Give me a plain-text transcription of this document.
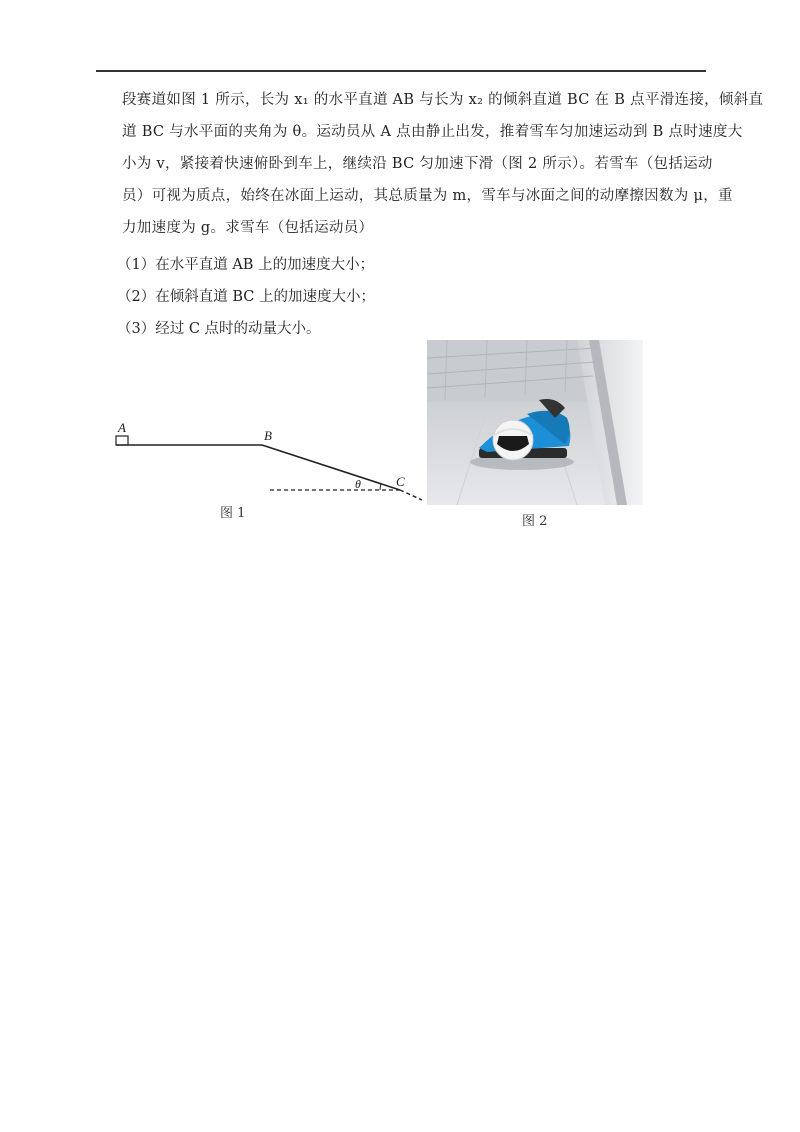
段赛道如图 1 所示，长为 x₁ 的水平直道 AB 与长为 x₂ 的倾斜直道 BC 在 B 点平滑连接，倾斜直
道 BC 与水平面的夹角为 θ。运动员从 A 点由静止出发，推着雪车匀加速运动到 B 点时速度大
小为 v，紧接着快速俯卧到车上，继续沿 BC 匀加速下滑（图 2 所示）。若雪车（包括运动
员）可视为质点，始终在冰面上运动，其总质量为 m，雪车与冰面之间的动摩擦因数为 μ，重
力加速度为 g。求雪车（包括运动员）
（1）在水平直道 AB 上的加速度大小；
（2）在倾斜直道 BC 上的加速度大小；
（3）经过 C 点时的动量大小。
A
B
C
θ
图 1
图 2
